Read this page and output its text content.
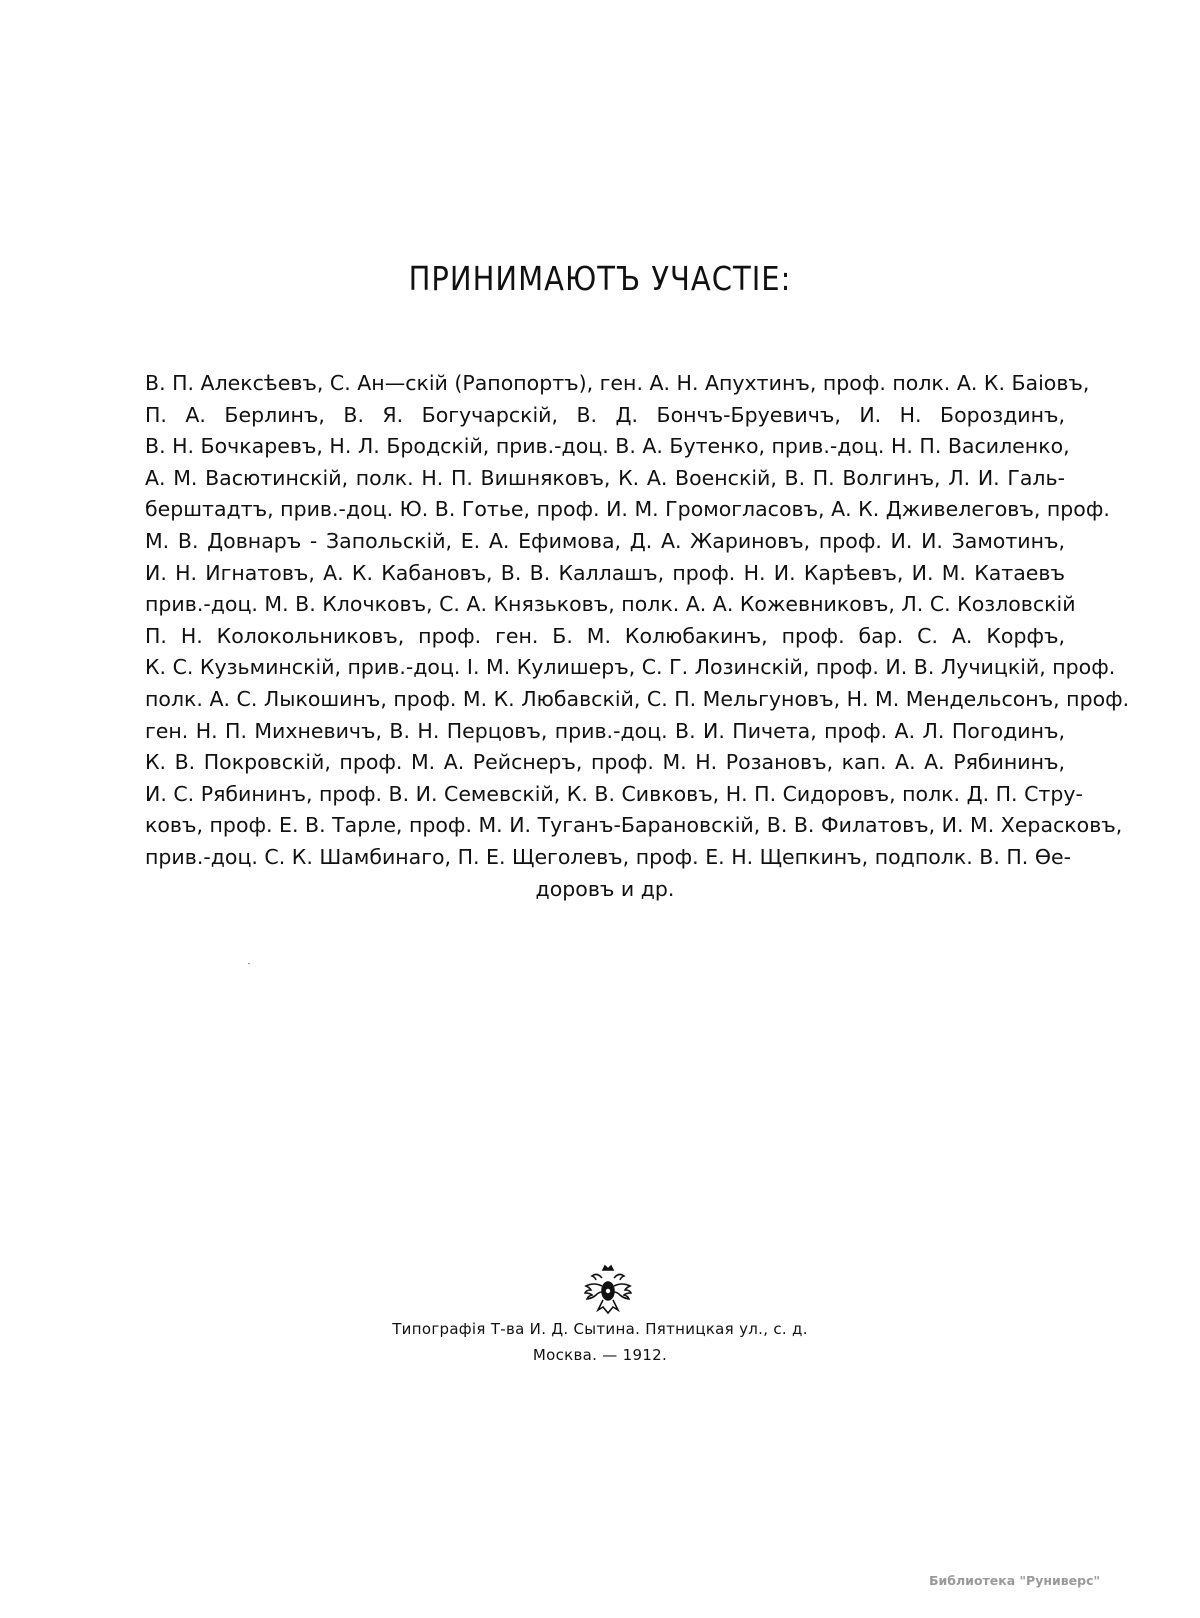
ПРИНИМАЮТЪ УЧАСТІЕ:
В. П. Алексѣевъ, С. Ан—скій (Рапопортъ), ген. А. Н. Апухтинъ, проф. полк. А. К. Баіовъ,
П. А. Берлинъ, В. Я. Богучарскій, В. Д. Бончъ-Бруевичъ, И. Н. Бороздинъ,
В. Н. Бочкаревъ, Н. Л. Бродскій, прив.-доц. В. А. Бутенко, прив.-доц. Н. П. Василенко,
А. М. Васютинскій, полк. Н. П. Вишняковъ, К. А. Военскій, В. П. Волгинъ, Л. И. Галь-
берштадтъ, прив.-доц. Ю. В. Готье, проф. И. М. Громогласовъ, А. К. Дживелеговъ, проф.
М. В. Довнаръ - Запольскій, Е. А. Ефимова, Д. А. Жариновъ, проф. И. И. Замотинъ,
И. Н. Игнатовъ, А. К. Кабановъ, В. В. Каллашъ, проф. Н. И. Карѣевъ, И. М. Катаевъ
прив.-доц. М. В. Клочковъ, С. А. Князьковъ, полк. А. А. Кожевниковъ, Л. С. Козловскій
П. Н. Колокольниковъ, проф. ген. Б. М. Колюбакинъ, проф. бар. С. А. Корфъ,
К. С. Кузьминскій, прив.-доц. І. М. Кулишеръ, С. Г. Лозинскій, проф. И. В. Лучицкій, проф.
полк. А. С. Лыкошинъ, проф. М. К. Любавскій, С. П. Мельгуновъ, Н. М. Мендельсонъ, проф.
ген. Н. П. Михневичъ, В. Н. Перцовъ, прив.-доц. В. И. Пичета, проф. А. Л. Погодинъ,
К. В. Покровскій, проф. М. А. Рейснеръ, проф. М. Н. Розановъ, кап. А. А. Рябининъ,
И. С. Рябининъ, проф. В. И. Семевскій, К. В. Сивковъ, Н. П. Сидоровъ, полк. Д. П. Стру-
ковъ, проф. Е. В. Тарле, проф. М. И. Туганъ-Барановскій, В. В. Филатовъ, И. М. Херасковъ,
прив.-доц. С. К. Шамбинаго, П. Е. Щеголевъ, проф. Е. Н. Щепкинъ, подполк. В. П. Ѳе-
доровъ и др.
Типографія Т-ва И. Д. Сытина. Пятницкая ул., с. д.
Москва. — 1912.
Библиотека "Руниверс"
